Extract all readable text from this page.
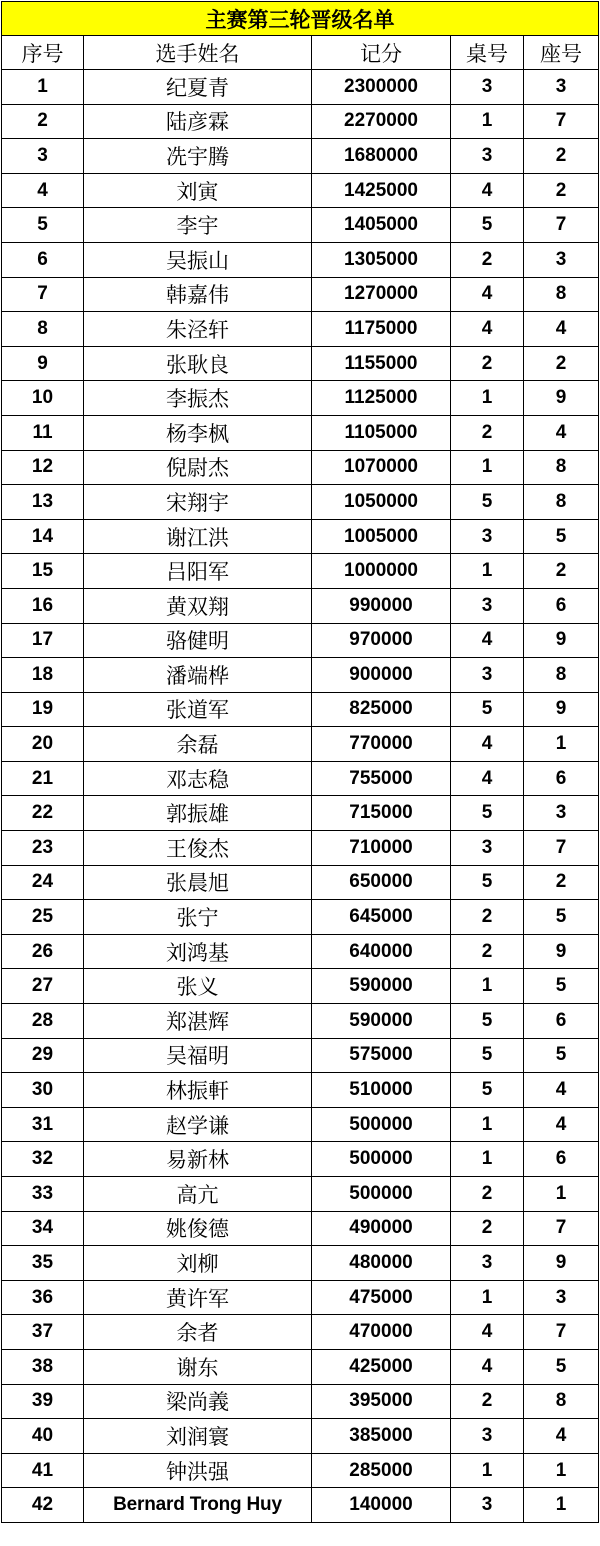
主赛第三轮晋级名单				
序号	选手姓名	记分	桌号	座号
1	纪夏青	2300000	3	3
2	陆彦霖	2270000	1	7
3	冼宇腾	1680000	3	2
4	刘寅	1425000	4	2
5	李宇	1405000	5	7
6	吴振山	1305000	2	3
7	韩嘉伟	1270000	4	8
8	朱泾轩	1175000	4	4
9	张耿良	1155000	2	2
10	李振杰	1125000	1	9
11	杨李枫	1105000	2	4
12	倪尉杰	1070000	1	8
13	宋翔宇	1050000	5	8
14	谢江洪	1005000	3	5
15	吕阳军	1000000	1	2
16	黄双翔	990000	3	6
17	骆健明	970000	4	9
18	潘端桦	900000	3	8
19	张道军	825000	5	9
20	余磊	770000	4	1
21	邓志稳	755000	4	6
22	郭振雄	715000	5	3
23	王俊杰	710000	3	7
24	张晨旭	650000	5	2
25	张宁	645000	2	5
26	刘鸿基	640000	2	9
27	张义	590000	1	5
28	郑湛辉	590000	5	6
29	吴福明	575000	5	5
30	林振軒	510000	5	4
31	赵学谦	500000	1	4
32	易新林	500000	1	6
33	高亢	500000	2	1
34	姚俊德	490000	2	7
35	刘柳	480000	3	9
36	黄许军	475000	1	3
37	余者	470000	4	7
38	谢东	425000	4	5
39	梁尚義	395000	2	8
40	刘润寰	385000	3	4
41	钟洪强	285000	1	1
42	Bernard Trong Huy	140000	3	1
